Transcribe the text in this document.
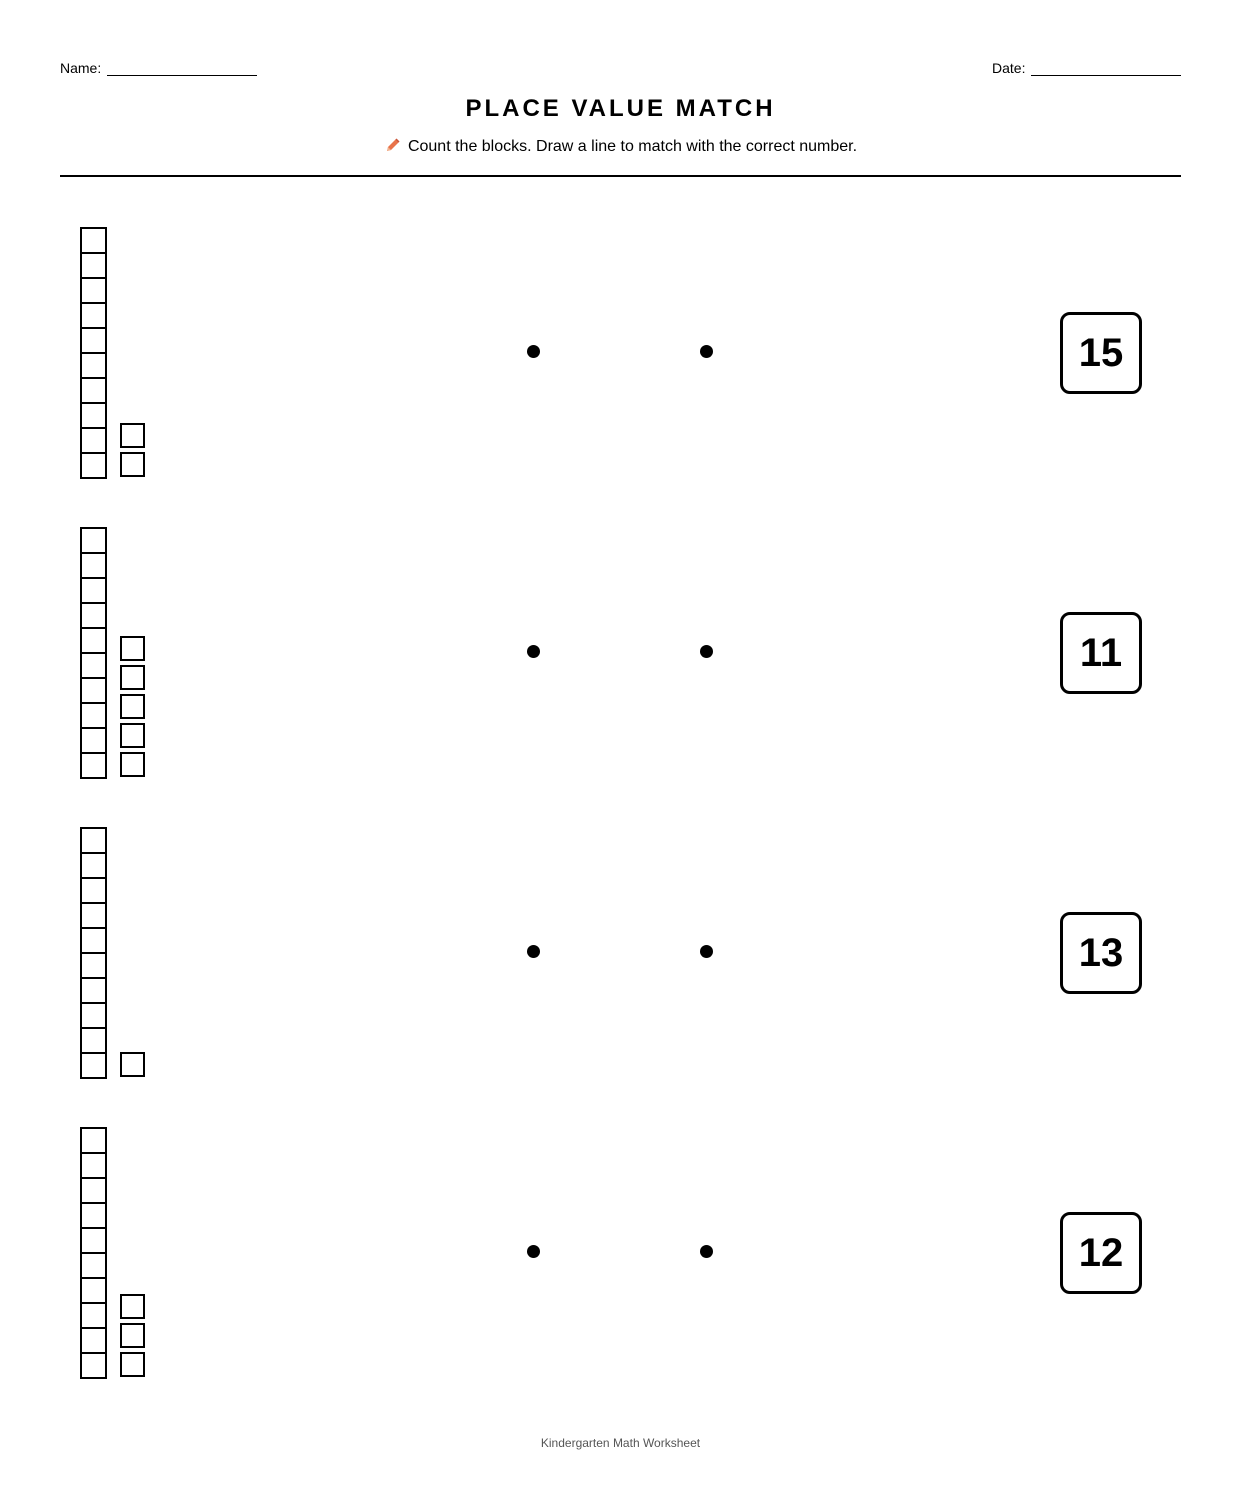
Name:	Date:
PLACE VALUE MATCH
Count the blocks. Draw a line to match with the correct number.
15
11
13
12
Kindergarten Math Worksheet
